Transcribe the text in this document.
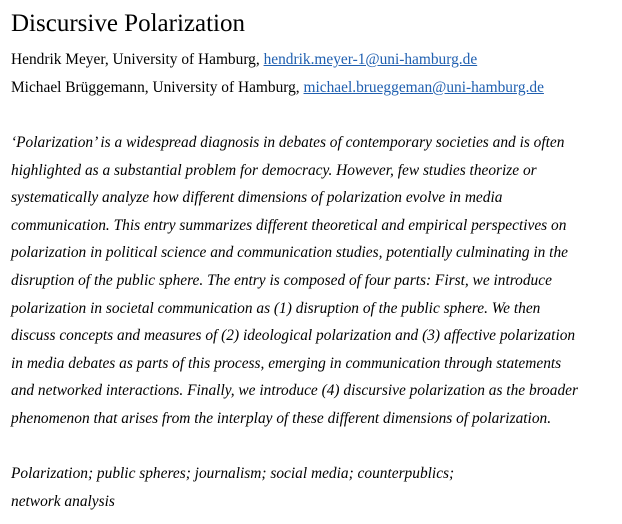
Discursive Polarization
Hendrik Meyer, University of Hamburg, hendrik.meyer-1@uni-hamburg.de
Michael Brüggemann, University of Hamburg, michael.brueggeman@uni-hamburg.de
‘Polarization’ is a widespread diagnosis in debates of contemporary societies and is often
highlighted as a substantial problem for democracy. However, few studies theorize or
systematically analyze how different dimensions of polarization evolve in media
communication. This entry summarizes different theoretical and empirical perspectives on
polarization in political science and communication studies, potentially culminating in the
disruption of the public sphere. The entry is composed of four parts: First, we introduce
polarization in societal communication as (1) disruption of the public sphere. We then
discuss concepts and measures of (2) ideological polarization and (3) affective polarization
in media debates as parts of this process, emerging in communication through statements
and networked interactions. Finally, we introduce (4) discursive polarization as the broader
phenomenon that arises from the interplay of these different dimensions of polarization.
Polarization; public spheres; journalism; social media; counterpublics;
network analysis
